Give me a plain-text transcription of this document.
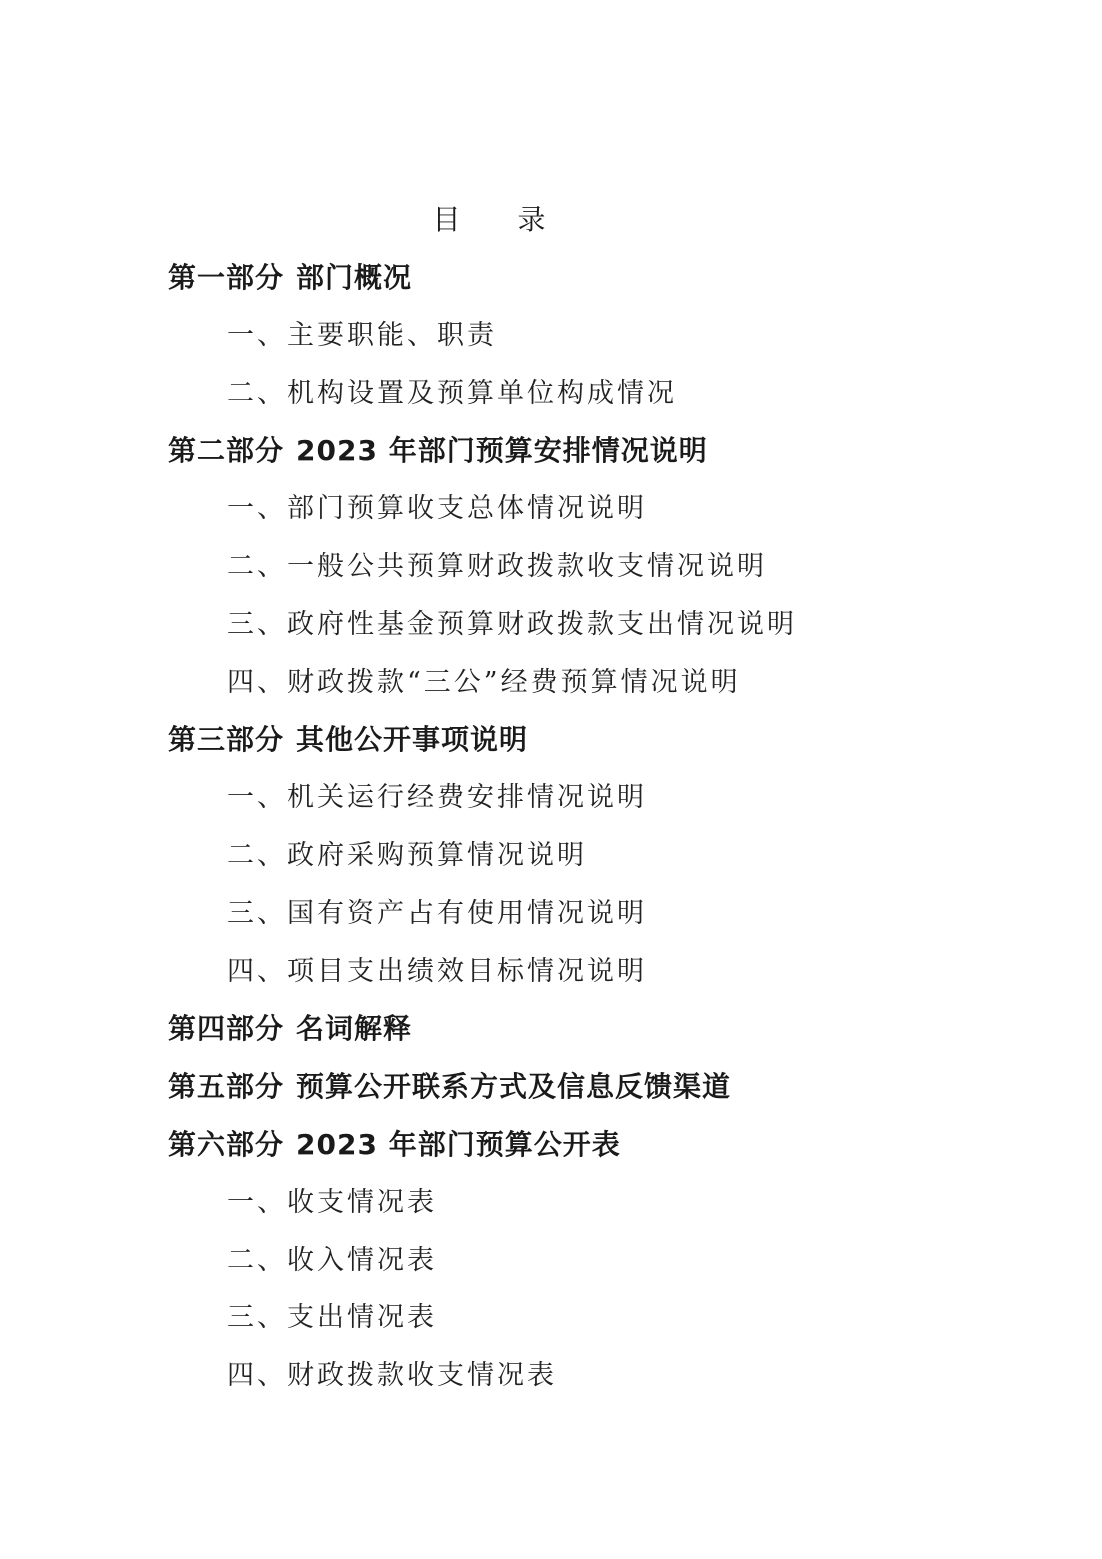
目 录
第一部分 部门概况
一、主要职能、职责
二、机构设置及预算单位构成情况
第二部分 2023 年部门预算安排情况说明
一、部门预算收支总体情况说明
二、一般公共预算财政拨款收支情况说明
三、政府性基金预算财政拨款支出情况说明
四、财政拨款“三公”经费预算情况说明
第三部分 其他公开事项说明
一、机关运行经费安排情况说明
二、政府采购预算情况说明
三、国有资产占有使用情况说明
四、项目支出绩效目标情况说明
第四部分 名词解释
第五部分 预算公开联系方式及信息反馈渠道
第六部分 2023 年部门预算公开表
一、收支情况表
二、收入情况表
三、支出情况表
四、财政拨款收支情况表
